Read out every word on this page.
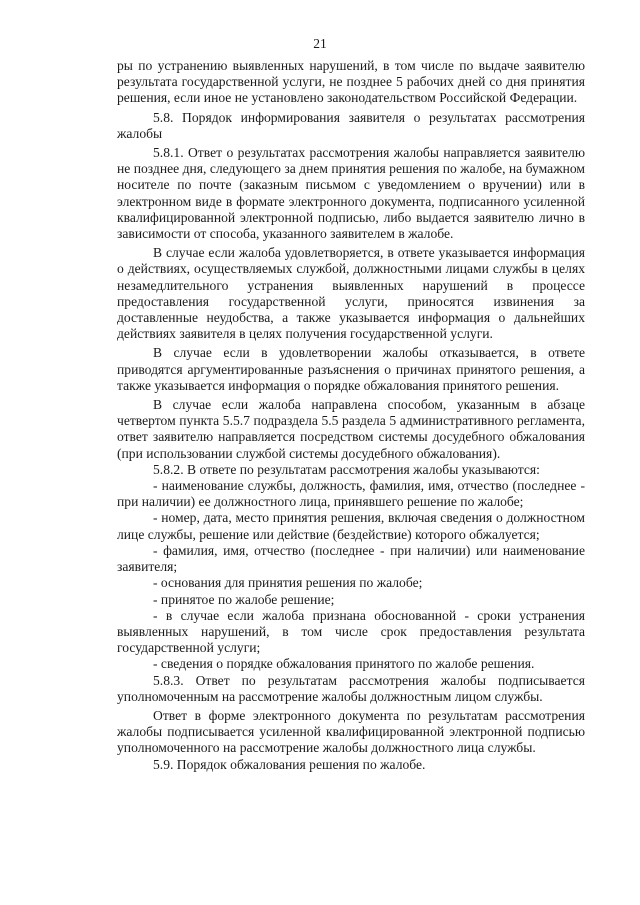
21

ры по устранению выявленных нарушений, в том числе по выдаче заявителю результата государственной услуги, не позднее 5 рабочих дней со дня принятия решения, если иное не установлено законодательством Российской Федерации.

5.8. Порядок информирования заявителя о результатах рассмотрения жалобы

5.8.1. Ответ о результатах рассмотрения жалобы направляется заявителю не позднее дня, следующего за днем принятия решения по жалобе, на бумажном носителе по почте (заказным письмом с уведомлением о вручении) или в электронном виде в формате электронного документа, подписанного усиленной квалифицированной электронной подписью, либо выдается заявителю лично в зависимости от способа, указанного заявителем в жалобе.

В случае если жалоба удовлетворяется, в ответе указывается информация о действиях, осуществляемых службой, должностными лицами службы в целях незамедлительного устранения выявленных нарушений в процессе предоставления государственной услуги, приносятся извинения за доставленные неудобства, а также указывается информация о дальнейших действиях заявителя в целях получения государственной услуги.

В случае если в удовлетворении жалобы отказывается, в ответе приводятся аргументированные разъяснения о причинах принятого решения, а также указывается информация о порядке обжалования принятого решения.

В случае если жалоба направлена способом, указанным в абзаце четвертом пункта 5.5.7 подраздела 5.5 раздела 5 административного регламента, ответ заявителю направляется посредством системы досудебного обжалования (при использовании службой системы досудебного обжалования).

5.8.2. В ответе по результатам рассмотрения жалобы указываются:

- наименование службы, должность, фамилия, имя, отчество (последнее - при наличии) ее должностного лица, принявшего решение по жалобе;

- номер, дата, место принятия решения, включая сведения о должностном лице службы, решение или действие (бездействие) которого обжалуется;

- фамилия, имя, отчество (последнее - при наличии) или наименование заявителя;

- основания для принятия решения по жалобе;

- принятое по жалобе решение;

- в случае если жалоба признана обоснованной - сроки устранения выявленных нарушений, в том числе срок предоставления результата государственной услуги;

- сведения о порядке обжалования принятого по жалобе решения.

5.8.3. Ответ по результатам рассмотрения жалобы подписывается уполномоченным на рассмотрение жалобы должностным лицом службы.

Ответ в форме электронного документа по результатам рассмотрения жалобы подписывается усиленной квалифицированной электронной подписью уполномоченного на рассмотрение жалобы должностного лица службы.

5.9. Порядок обжалования решения по жалобе.
